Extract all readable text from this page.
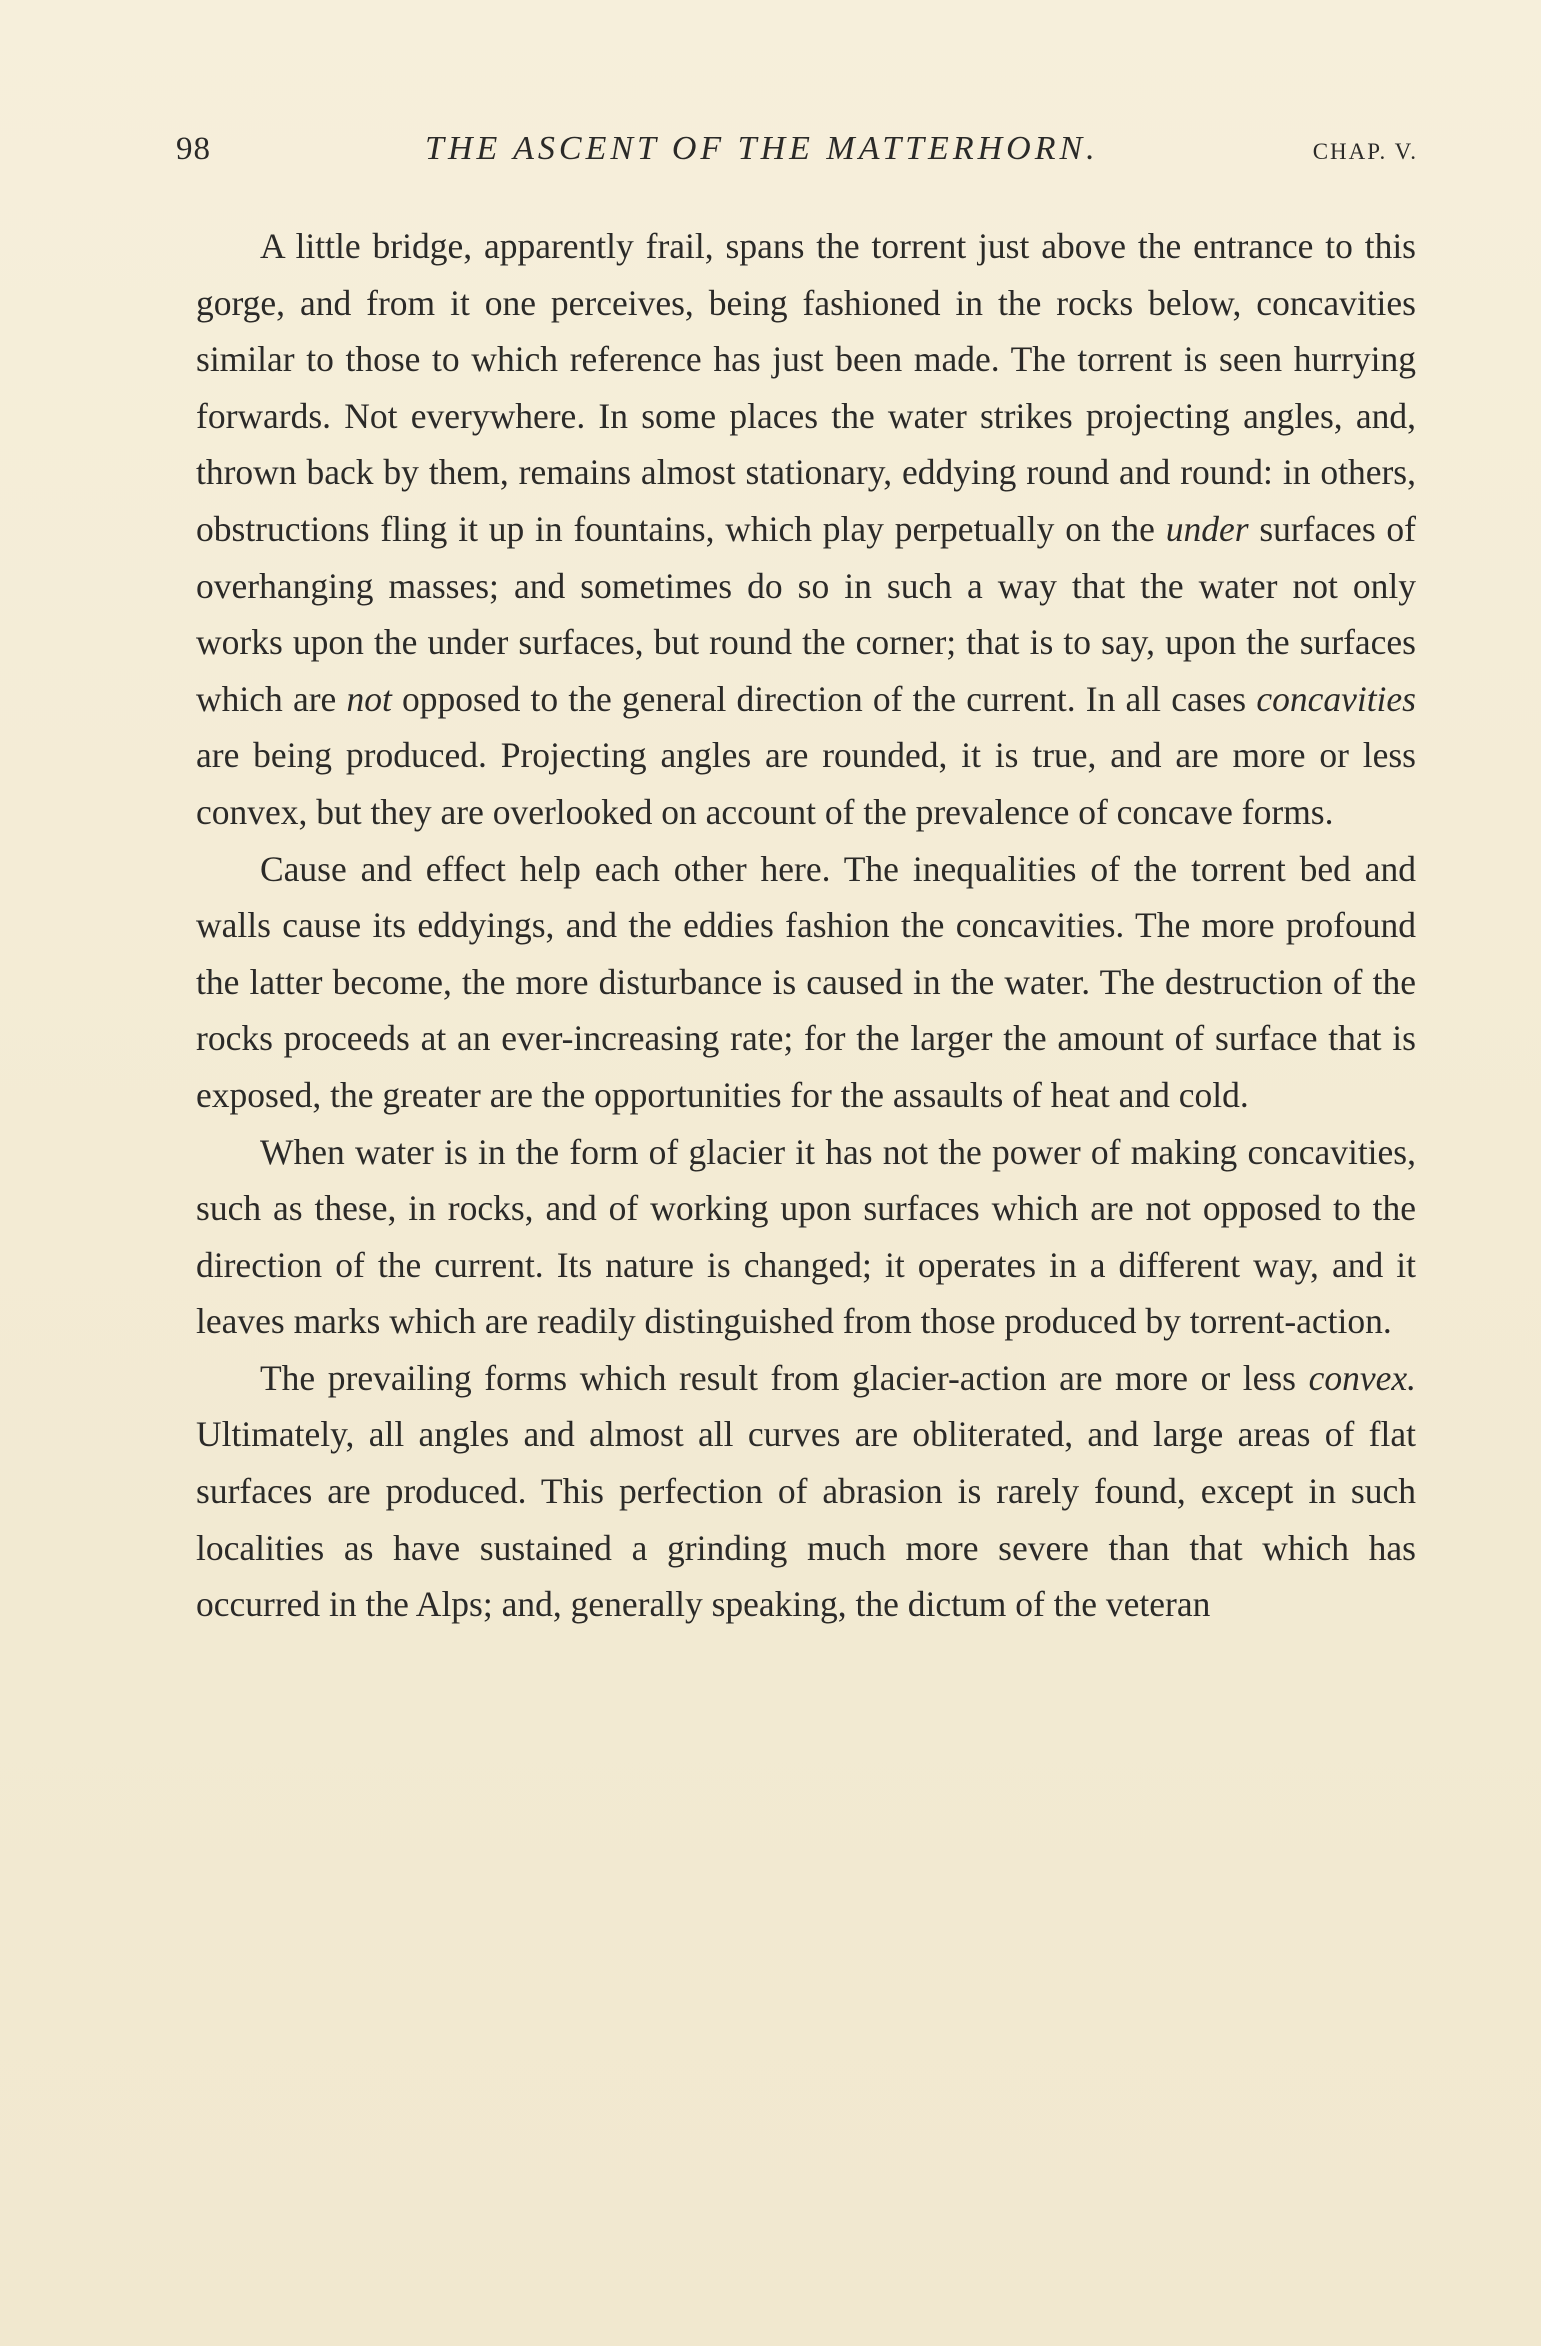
98	THE ASCENT OF THE MATTERHORN.	CHAP. V.

A little bridge, apparently frail, spans the torrent just above the entrance to this gorge, and from it one perceives, being fashioned in the rocks below, concavities similar to those to which reference has just been made. The torrent is seen hurrying forwards. Not everywhere. In some places the water strikes projecting angles, and, thrown back by them, remains almost stationary, eddying round and round: in others, obstructions fling it up in fountains, which play perpetually on the under surfaces of overhanging masses; and sometimes do so in such a way that the water not only works upon the under surfaces, but round the corner; that is to say, upon the surfaces which are not opposed to the general direction of the current. In all cases concavities are being produced. Projecting angles are rounded, it is true, and are more or less convex, but they are overlooked on account of the prevalence of concave forms.

Cause and effect help each other here. The inequalities of the torrent bed and walls cause its eddyings, and the eddies fashion the concavities. The more profound the latter become, the more disturbance is caused in the water. The destruction of the rocks proceeds at an ever-increasing rate; for the larger the amount of surface that is exposed, the greater are the opportunities for the assaults of heat and cold.

When water is in the form of glacier it has not the power of making concavities, such as these, in rocks, and of working upon surfaces which are not opposed to the direction of the current. Its nature is changed; it operates in a different way, and it leaves marks which are readily distinguished from those produced by torrent-action.

The prevailing forms which result from glacier-action are more or less convex. Ultimately, all angles and almost all curves are obliterated, and large areas of flat surfaces are produced. This perfection of abrasion is rarely found, except in such localities as have sustained a grinding much more severe than that which has occurred in the Alps; and, generally speaking, the dictum of the veteran
